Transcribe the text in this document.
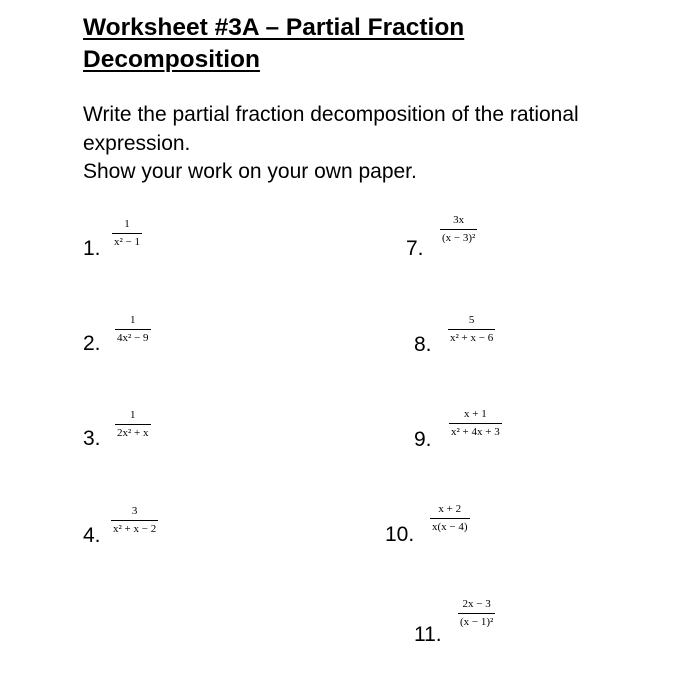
Worksheet #3A – Partial Fraction
Decomposition
Write the partial fraction decomposition of the rational
expression.
Show your work on your own paper.
1.
1
x² − 1
2.
1
4x² − 9
3.
1
2x² + x
4.
3
x² + x − 2
7.
3x
(x − 3)²
8.
5
x² + x − 6
9.
x + 1
x² + 4x + 3
10.
x + 2
x(x − 4)
11.
2x − 3
(x − 1)²
